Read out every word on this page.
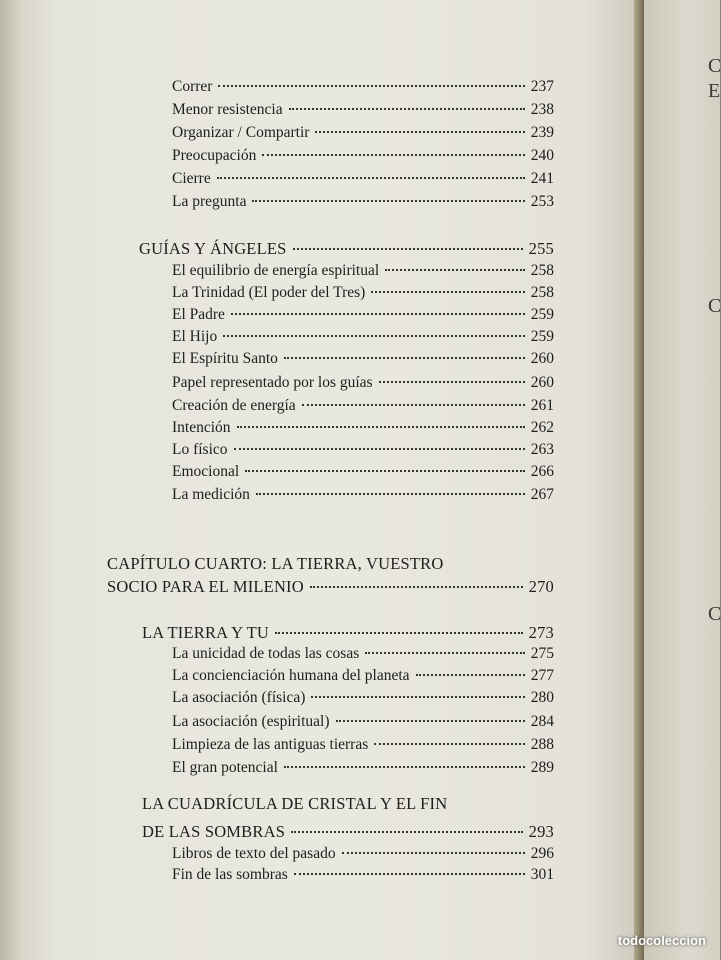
C
E
C
C
Correr	237
Menor resistencia	238
Organizar / Compartir	239
Preocupación	240
Cierre	241
La pregunta	253
GUÍAS Y ÁNGELES	255
El equilibrio de energía espiritual	258
La Trinidad (El poder del Tres)	258
El Padre	259
El Hijo	259
El Espíritu Santo	260
Papel representado por los guías	260
Creación de energía	261
Intención	262
Lo físico	263
Emocional	266
La medición	267
CAPÍTULO CUARTO: LA TIERRA, VUESTRO
SOCIO PARA EL MILENIO	270
LA TIERRA Y TU	273
La unicidad de todas las cosas	275
La concienciación humana del planeta	277
La asociación (física)	280
La asociación (espiritual)	284
Limpieza de las antiguas tierras	288
El gran potencial	289
LA CUADRÍCULA DE CRISTAL Y EL FIN
DE LAS SOMBRAS	293
Libros de texto del pasado	296
Fin de las sombras	301
todocoleccion
